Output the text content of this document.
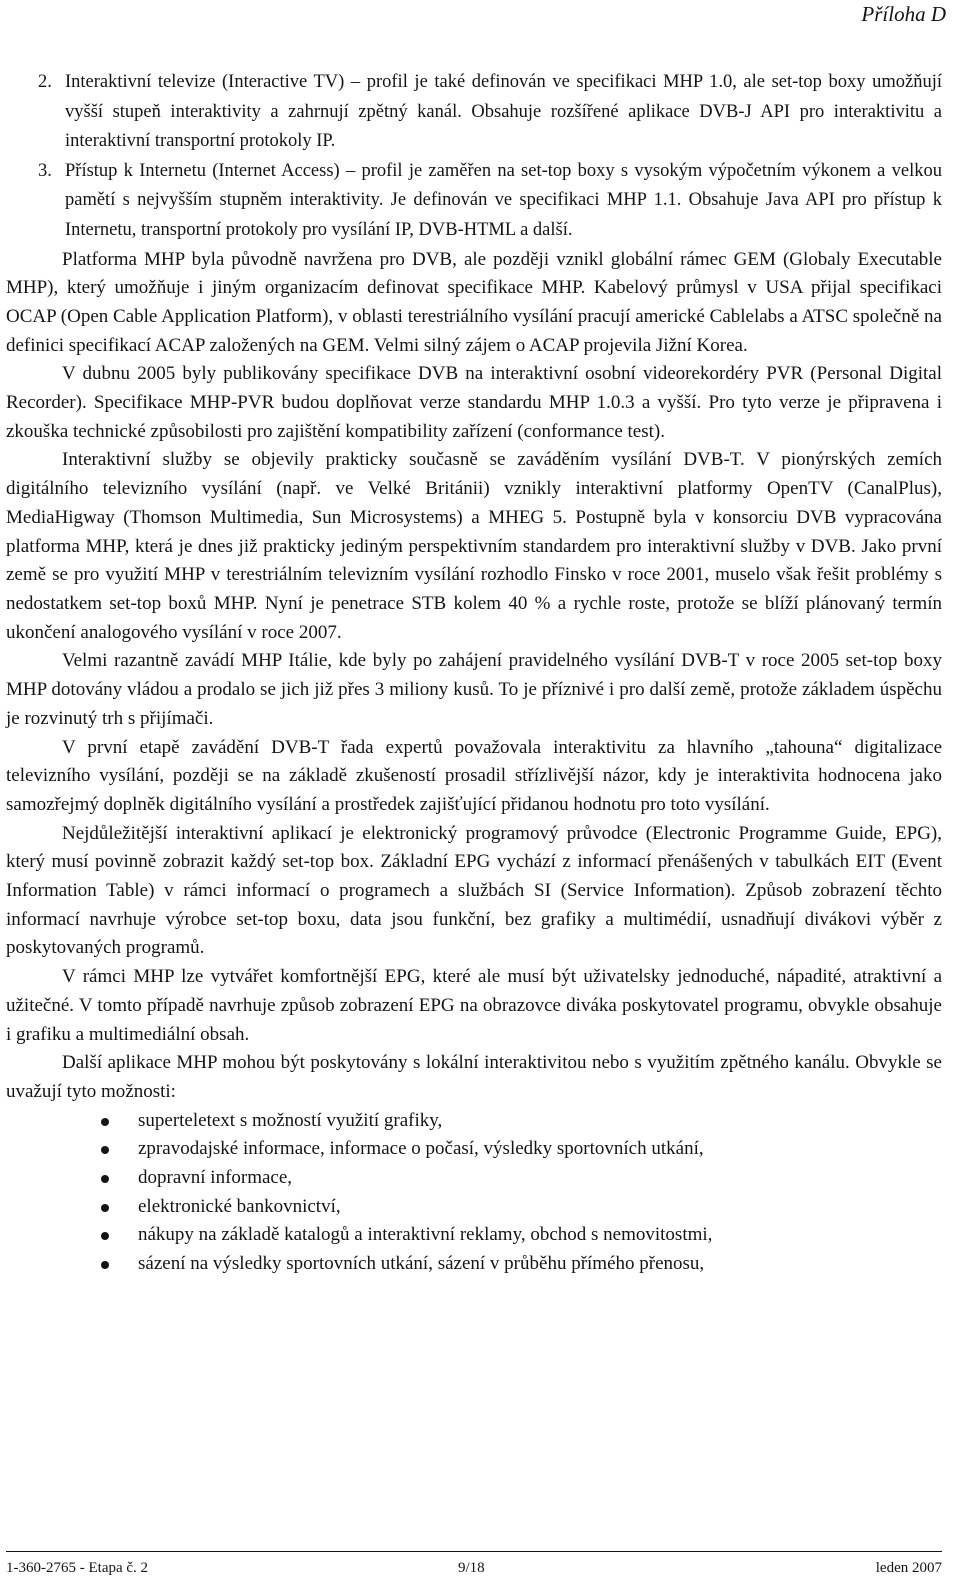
Příloha D
2. Interaktivní televize (Interactive TV) – profil je také definován ve specifikaci MHP 1.0, ale set-top boxy umožňují vyšší stupeň interaktivity a zahrnují zpětný kanál. Obsahuje rozšířené aplikace DVB-J API pro interaktivitu a interaktivní transportní protokoly IP.
3. Přístup k Internetu (Internet Access) – profil je zaměřen na set-top boxy s vysokým výpočetním výkonem a velkou pamětí s nejvyšším stupněm interaktivity. Je definován ve specifikaci MHP 1.1. Obsahuje Java API pro přístup k Internetu, transportní protokoly pro vysílání IP, DVB-HTML a další.

Platforma MHP byla původně navržena pro DVB, ale později vznikl globální rámec GEM (Globaly Executable MHP), který umožňuje i jiným organizacím definovat specifikace MHP. Kabelový průmysl v USA přijal specifikaci OCAP (Open Cable Application Platform), v oblasti terestriálního vysílání pracují americké Cablelabs a ATSC společně na definici specifikací ACAP založených na GEM. Velmi silný zájem o ACAP projevila Jižní Korea.

V dubnu 2005 byly publikovány specifikace DVB na interaktivní osobní videorekordéry PVR (Personal Digital Recorder). Specifikace MHP-PVR budou doplňovat verze standardu MHP 1.0.3 a vyšší. Pro tyto verze je připravena i zkouška technické způsobilosti pro zajištění kompatibility zařízení (conformance test).

Interaktivní služby se objevily prakticky současně se zaváděním vysílání DVB-T. V pionýrských zemích digitálního televizního vysílání (např. ve Velké Británii) vznikly interaktivní platformy OpenTV (CanalPlus), MediaHigway (Thomson Multimedia, Sun Microsystems) a MHEG 5. Postupně byla v konsorciu DVB vypracována platforma MHP, která je dnes již prakticky jediným perspektivním standardem pro interaktivní služby v DVB. Jako první země se pro využití MHP v terestriálním televizním vysílání rozhodlo Finsko v roce 2001, muselo však řešit problémy s nedostatkem set-top boxů MHP. Nyní je penetrace STB kolem 40 % a rychle roste, protože se blíží plánovaný termín ukončení analogového vysílání v roce 2007.

Velmi razantně zavádí MHP Itálie, kde byly po zahájení pravidelného vysílání DVB-T v roce 2005 set-top boxy MHP dotovány vládou a prodalo se jich již přes 3 miliony kusů. To je příznivé i pro další země, protože základem úspěchu je rozvinutý trh s přijímači.

V první etapě zavádění DVB-T řada expertů považovala interaktivitu za hlavního „tahouna“ digitalizace televizního vysílání, později se na základě zkušeností prosadil střízlivější názor, kdy je interaktivita hodnocena jako samozřejmý doplněk digitálního vysílání a prostředek zajišťující přidanou hodnotu pro toto vysílání.

Nejdůležitější interaktivní aplikací je elektronický programový průvodce (Electronic Programme Guide, EPG), který musí povinně zobrazit každý set-top box. Základní EPG vychází z informací přenášených v tabulkách EIT (Event Information Table) v rámci informací o programech a službách SI (Service Information). Způsob zobrazení těchto informací navrhuje výrobce set-top boxu, data jsou funkční, bez grafiky a multimédií, usnadňují divákovi výběr z poskytovaných programů.

V rámci MHP lze vytvářet komfortnější EPG, které ale musí být uživatelsky jednoduché, nápadité, atraktivní a užitečné. V tomto případě navrhuje způsob zobrazení EPG na obrazovce diváka poskytovatel programu, obvykle obsahuje i grafiku a multimediální obsah.

Další aplikace MHP mohou být poskytovány s lokální interaktivitou nebo s využitím zpětného kanálu. Obvykle se uvažují tyto možnosti:

superteletext s možností využití grafiky,
zpravodajské informace, informace o počasí, výsledky sportovních utkání,
dopravní informace,
elektronické bankovnictví,
nákupy na základě katalogů a interaktivní reklamy, obchod s nemovitostmi,
sázení na výsledky sportovních utkání, sázení v průběhu přímého přenosu,
1-360-2765 - Etapa č. 2	9/18	leden 2007
